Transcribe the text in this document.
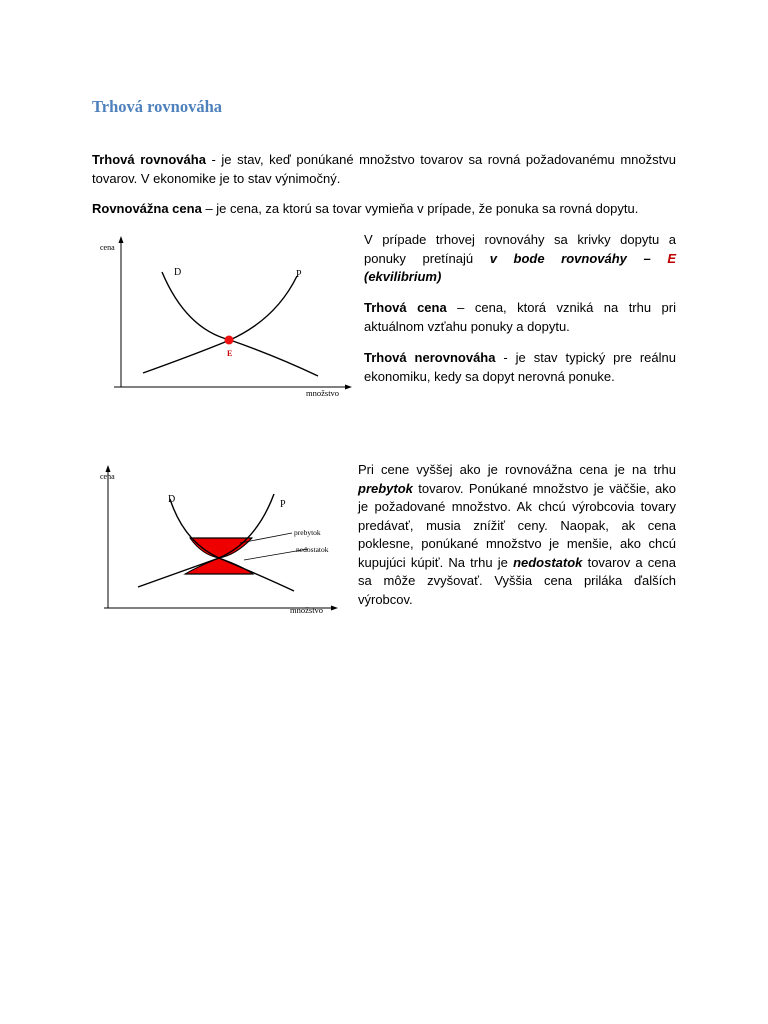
Trhová rovnováha

Trhová rovnováha - je stav, keď ponúkané množstvo tovarov sa rovná požadovanému množstvu tovarov. V ekonomike je to stav výnimočný.

Rovnovážna cena – je cena, za ktorú sa tovar vymieňa v prípade, že ponuka sa rovná dopytu.

cena
množstvo
D	P
E

V prípade trhovej rovnováhy sa krivky dopytu a ponuky pretínajú v bode rovnováhy – E (ekvilibrium)

Trhová cena – cena, ktorá vzniká na trhu pri aktuálnom vzťahu ponuky a dopytu.

Trhová nerovnováha - je stav typický pre reálnu ekonomiku, kedy sa dopyt nerovná ponuke.

cena
množstvo
D	P
prebytok
nedostatok

Pri cene vyššej ako je rovnovážna cena je na trhu prebytok tovarov. Ponúkané množstvo je väčšie, ako je požadované množstvo. Ak chcú výrobcovia tovary predávať, musia znížiť ceny. Naopak, ak cena poklesne, ponúkané množstvo je menšie, ako chcú kupujúci kúpiť. Na trhu je nedostatok tovarov a cena sa môže zvyšovať. Vyššia cena priláka ďalších výrobcov.
